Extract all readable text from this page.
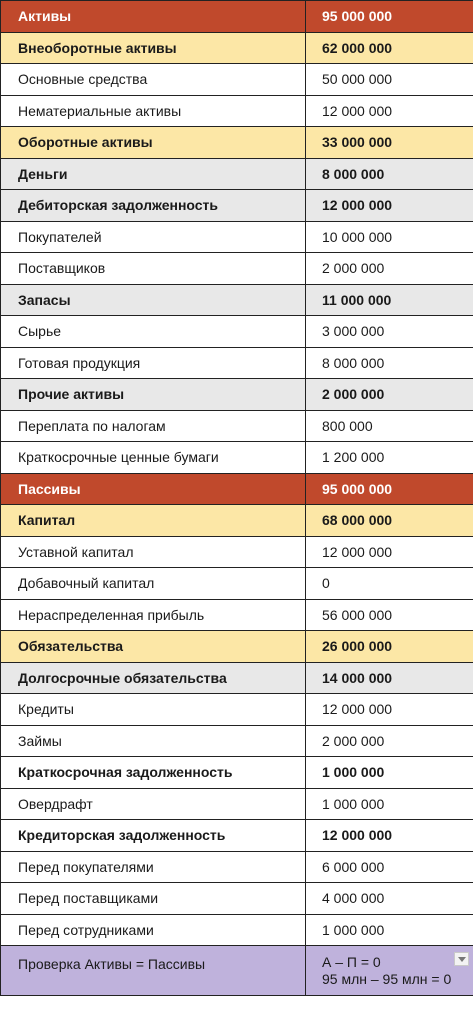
Активы	95 000 000
Внеоборотные активы	62 000 000
Основные средства	50 000 000
Нематериальные активы	12 000 000
Оборотные активы	33 000 000
Деньги	8 000 000
Дебиторская задолженность	12 000 000
Покупателей	10 000 000
Поставщиков	2 000 000
Запасы	11 000 000
Сырье	3 000 000
Готовая продукция	8 000 000
Прочие активы	2 000 000
Переплата по налогам	800 000
Краткосрочные ценные бумаги	1 200 000
Пассивы	95 000 000
Капитал	68 000 000
Уставной капитал	12 000 000
Добавочный капитал	0
Нераспределенная прибыль	56 000 000
Обязательства	26 000 000
Долгосрочные обязательства	14 000 000
Кредиты	12 000 000
Займы	2 000 000
Краткосрочная задолженность	1 000 000
Овердрафт	1 000 000
Кредиторская задолженность	12 000 000
Перед покупателями	6 000 000
Перед поставщиками	4 000 000
Перед сотрудниками	1 000 000
Проверка Активы = Пассивы	А – П = 0
95 млн – 95 млн = 0
